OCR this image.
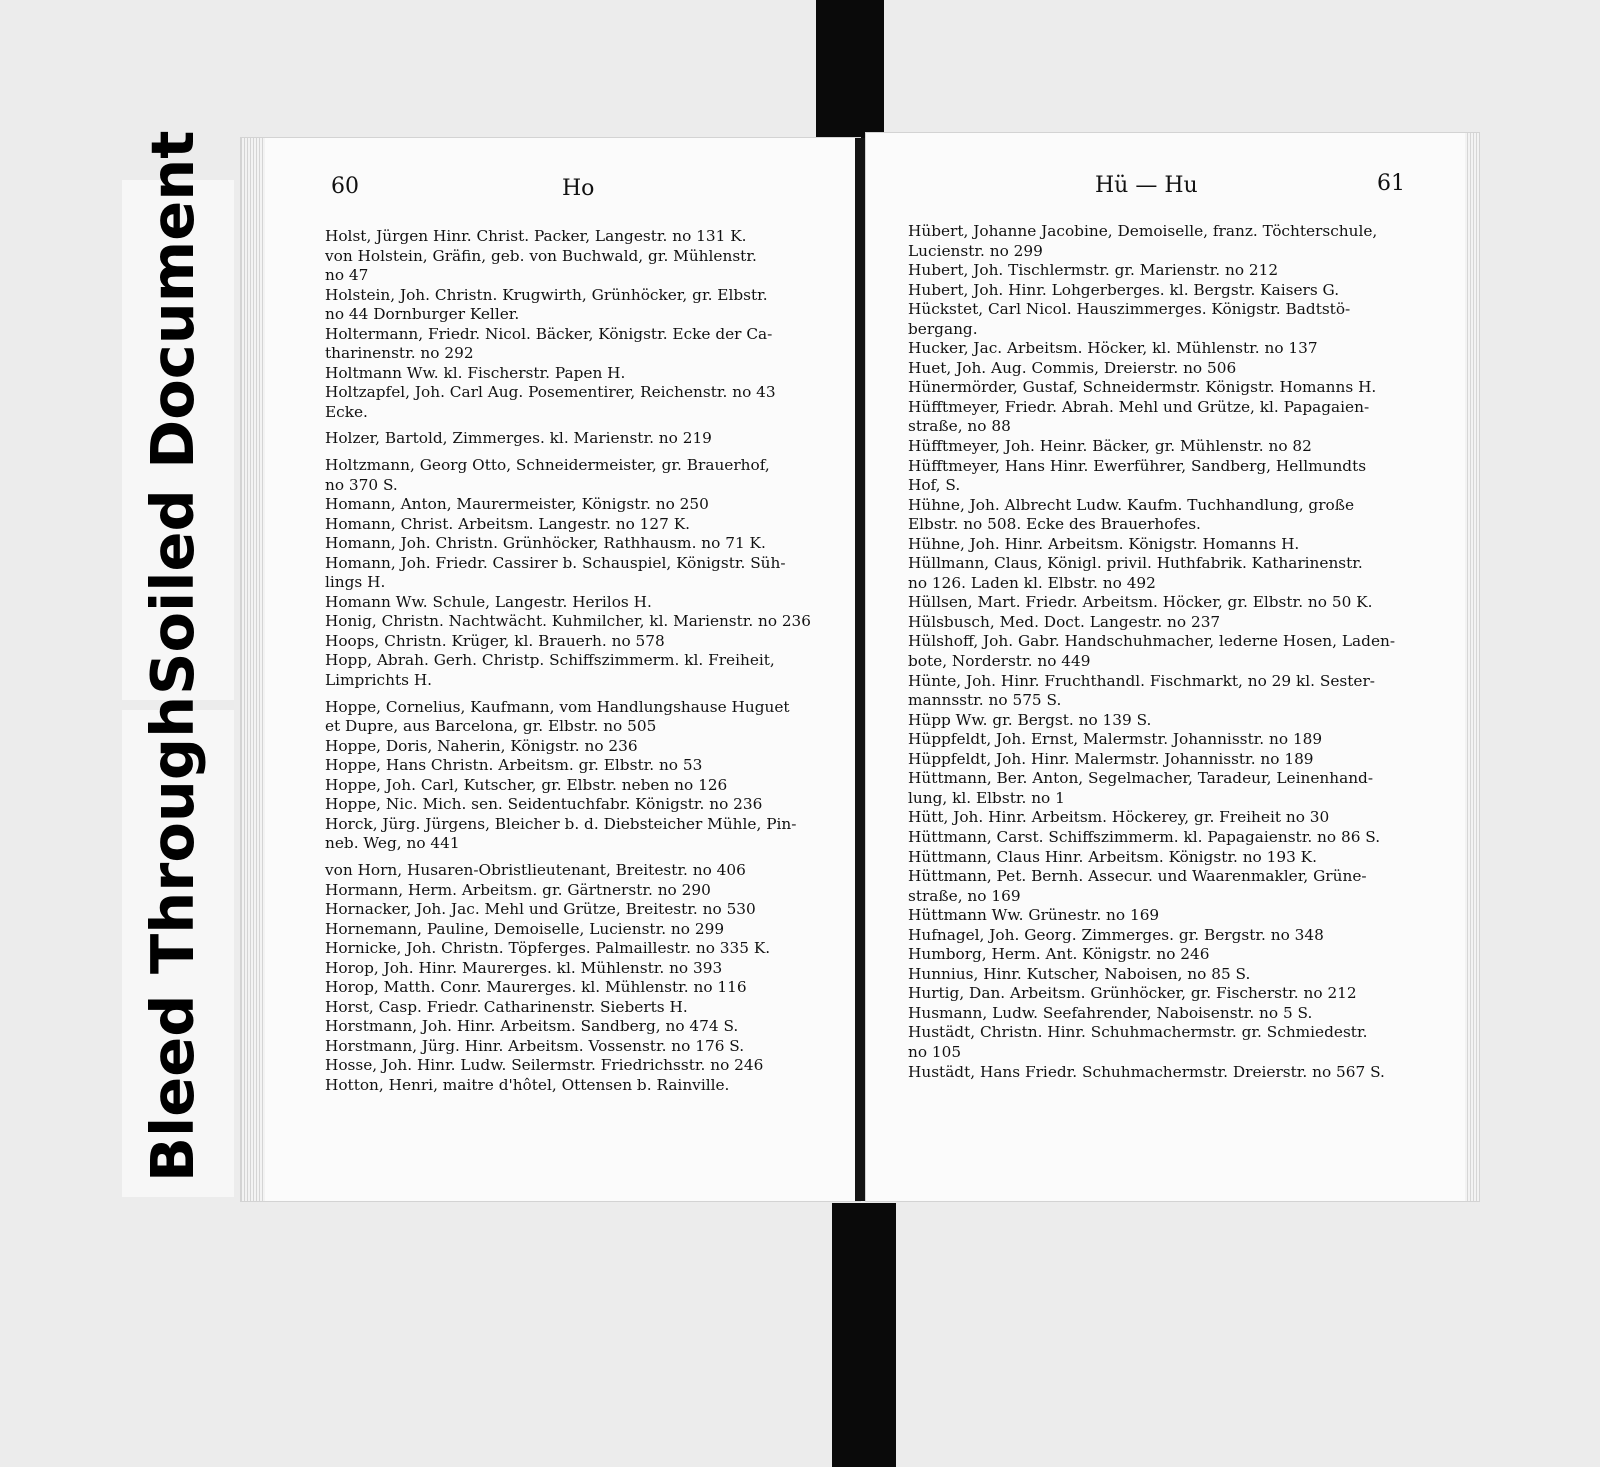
Soiled Document
Bleed Through
60	Ho
Holst, Jürgen Hinr. Christ. Packer, Langestr. no 131 K.
von Holstein, Gräfin, geb. von Buchwald, gr. Mühlenstr.
no 47
Holstein, Joh. Christn. Krugwirth, Grünhöcker, gr. Elbstr.
no 44 Dornburger Keller.
Holtermann, Friedr. Nicol. Bäcker, Königstr. Ecke der Ca-
tharinenstr. no 292
Holtmann Ww. kl. Fischerstr. Papen H.
Holtzapfel, Joh. Carl Aug. Posementirer, Reichenstr. no 43
Ecke.
Holzer, Bartold, Zimmerges. kl. Marienstr. no 219
Holtzmann, Georg Otto, Schneidermeister, gr. Brauerhof,
no 370 S.
Homann, Anton, Maurermeister, Königstr. no 250
Homann, Christ. Arbeitsm. Langestr. no 127 K.
Homann, Joh. Christn. Grünhöcker, Rathhausm. no 71 K.
Homann, Joh. Friedr. Cassirer b. Schauspiel, Königstr. Süh-
lings H.
Homann Ww. Schule, Langestr. Herilos H.
Honig, Christn. Nachtwächt. Kuhmilcher, kl. Marienstr. no 236
Hoops, Christn. Krüger, kl. Brauerh. no 578
Hopp, Abrah. Gerh. Christp. Schiffszimmerm. kl. Freiheit,
Limprichts H.
Hoppe, Cornelius, Kaufmann, vom Handlungshause Huguet
et Dupre, aus Barcelona, gr. Elbstr. no 505
Hoppe, Doris, Naherin, Königstr. no 236
Hoppe, Hans Christn. Arbeitsm. gr. Elbstr. no 53
Hoppe, Joh. Carl, Kutscher, gr. Elbstr. neben no 126
Hoppe, Nic. Mich. sen. Seidentuchfabr. Königstr. no 236
Horck, Jürg. Jürgens, Bleicher b. d. Diebsteicher Mühle, Pin-
neb. Weg, no 441
von Horn, Husaren-Obristlieutenant, Breitestr. no 406
Hormann, Herm. Arbeitsm. gr. Gärtnerstr. no 290
Hornacker, Joh. Jac. Mehl und Grütze, Breitestr. no 530
Hornemann, Pauline, Demoiselle, Lucienstr. no 299
Hornicke, Joh. Christn. Töpferges. Palmaillestr. no 335 K.
Horop, Joh. Hinr. Maurerges. kl. Mühlenstr. no 393
Horop, Matth. Conr. Maurerges. kl. Mühlenstr. no 116
Horst, Casp. Friedr. Catharinenstr. Sieberts H.
Horstmann, Joh. Hinr. Arbeitsm. Sandberg, no 474 S.
Horstmann, Jürg. Hinr. Arbeitsm. Vossenstr. no 176 S.
Hosse, Joh. Hinr. Ludw. Seilermstr. Friedrichsstr. no 246
Hotton, Henri, maitre d'hôtel, Ottensen b. Rainville.
Hü — Hu	61
Hübert, Johanne Jacobine, Demoiselle, franz. Töchterschule,
Lucienstr. no 299
Hubert, Joh. Tischlermstr. gr. Marienstr. no 212
Hubert, Joh. Hinr. Lohgerberges. kl. Bergstr. Kaisers G.
Hückstet, Carl Nicol. Hauszimmerges. Königstr. Badtstö-
bergang.
Hucker, Jac. Arbeitsm. Höcker, kl. Mühlenstr. no 137
Huet, Joh. Aug. Commis, Dreierstr. no 506
Hünermörder, Gustaf, Schneidermstr. Königstr. Homanns H.
Hüfftmeyer, Friedr. Abrah. Mehl und Grütze, kl. Papagaien-
straße, no 88
Hüfftmeyer, Joh. Heinr. Bäcker, gr. Mühlenstr. no 82
Hüfftmeyer, Hans Hinr. Ewerführer, Sandberg, Hellmundts
Hof, S.
Hühne, Joh. Albrecht Ludw. Kaufm. Tuchhandlung, große
Elbstr. no 508. Ecke des Brauerhofes.
Hühne, Joh. Hinr. Arbeitsm. Königstr. Homanns H.
Hüllmann, Claus, Königl. privil. Huthfabrik. Katharinenstr.
no 126. Laden kl. Elbstr. no 492
Hüllsen, Mart. Friedr. Arbeitsm. Höcker, gr. Elbstr. no 50 K.
Hülsbusch, Med. Doct. Langestr. no 237
Hülshoff, Joh. Gabr. Handschuhmacher, lederne Hosen, Laden-
bote, Norderstr. no 449
Hünte, Joh. Hinr. Fruchthandl. Fischmarkt, no 29 kl. Sester-
mannsstr. no 575 S.
Hüpp Ww. gr. Bergst. no 139 S.
Hüppfeldt, Joh. Ernst, Malermstr. Johannisstr. no 189
Hüppfeldt, Joh. Hinr. Malermstr. Johannisstr. no 189
Hüttmann, Ber. Anton, Segelmacher, Taradeur, Leinenhand-
lung, kl. Elbstr. no 1
Hütt, Joh. Hinr. Arbeitsm. Höckerey, gr. Freiheit no 30
Hüttmann, Carst. Schiffszimmerm. kl. Papagaienstr. no 86 S.
Hüttmann, Claus Hinr. Arbeitsm. Königstr. no 193 K.
Hüttmann, Pet. Bernh. Assecur. und Waarenmakler, Grüne-
straße, no 169
Hüttmann Ww. Grünestr. no 169
Hufnagel, Joh. Georg. Zimmerges. gr. Bergstr. no 348
Humborg, Herm. Ant. Königstr. no 246
Hunnius, Hinr. Kutscher, Naboisen, no 85 S.
Hurtig, Dan. Arbeitsm. Grünhöcker, gr. Fischerstr. no 212
Husmann, Ludw. Seefahrender, Naboisenstr. no 5 S.
Hustädt, Christn. Hinr. Schuhmachermstr. gr. Schmiedestr.
no 105
Hustädt, Hans Friedr. Schuhmachermstr. Dreierstr. no 567 S.
